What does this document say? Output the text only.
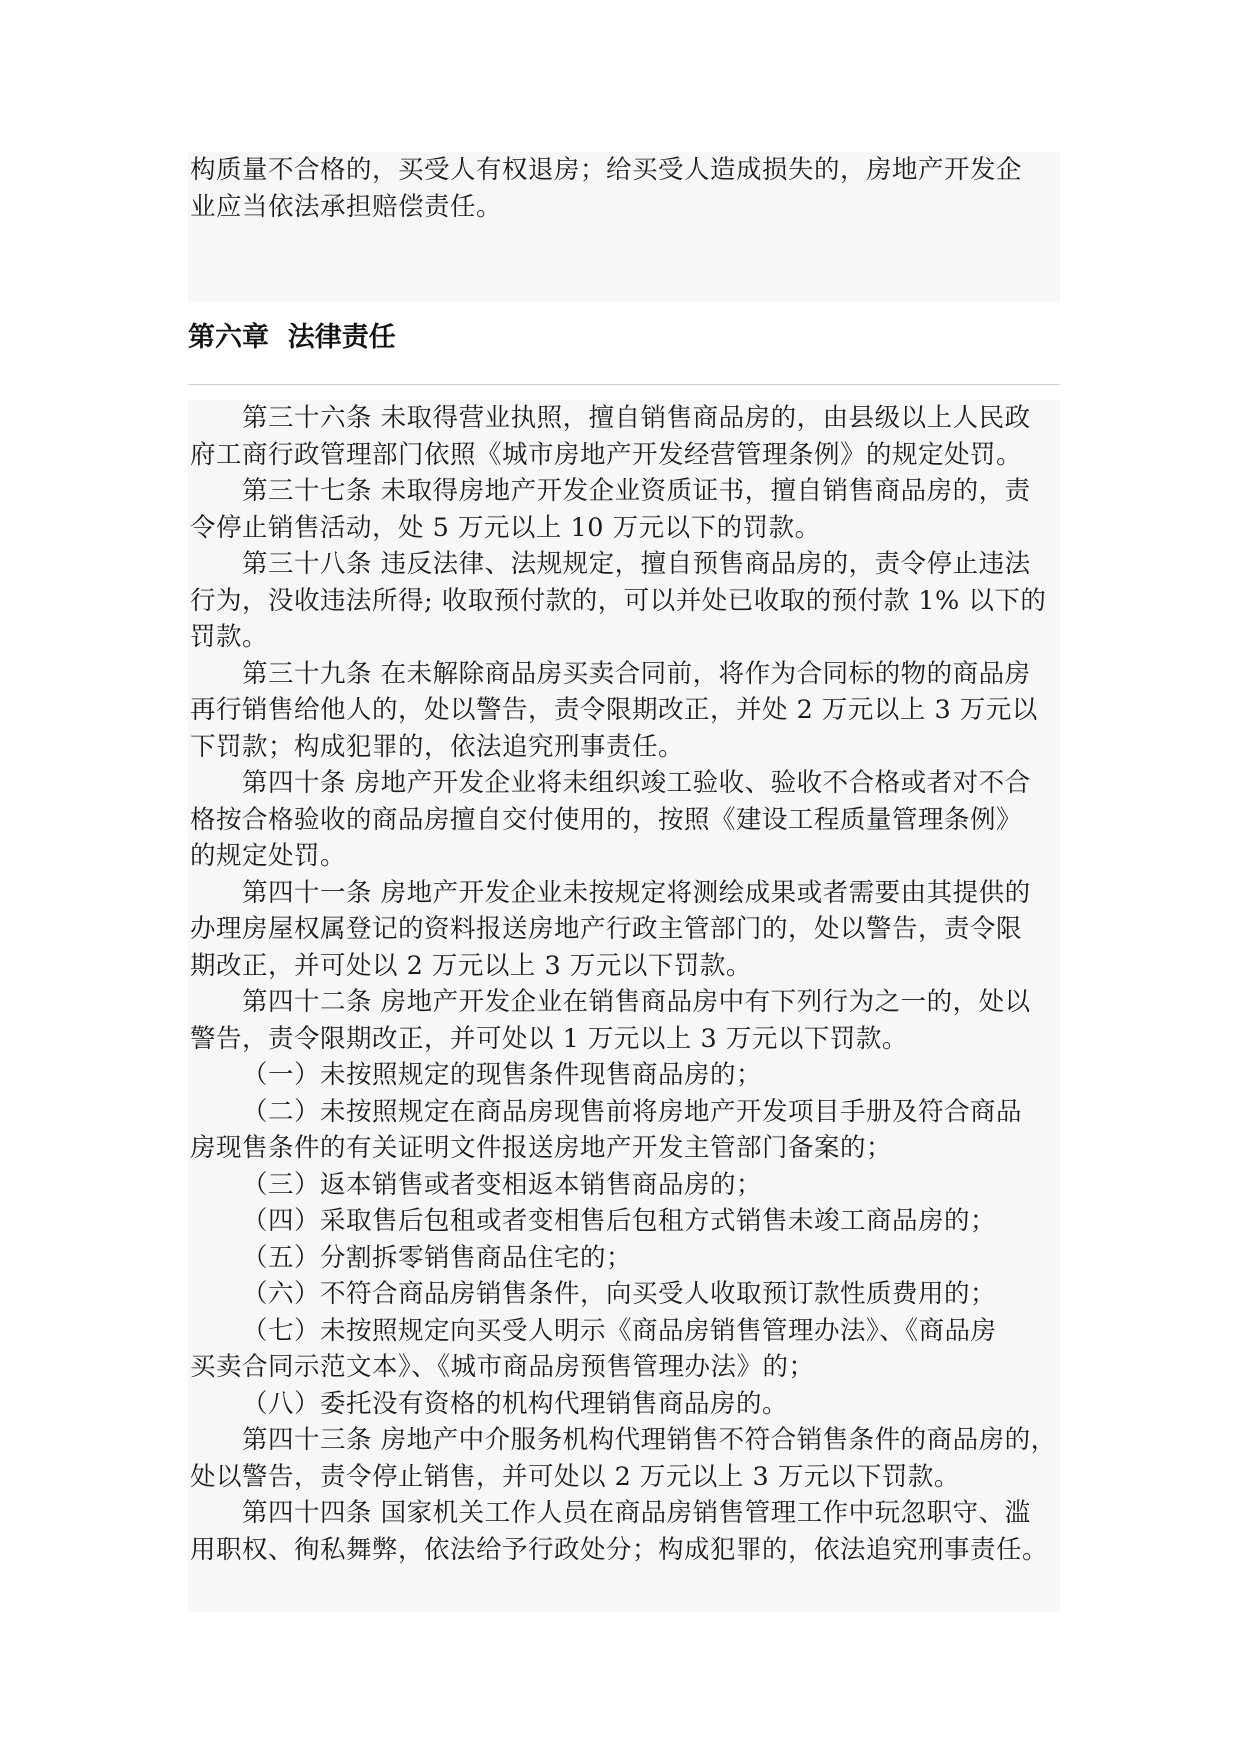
构质量不合格的，买受人有权退房；给买受人造成损失的，房地产开发企
业应当依法承担赔偿责任。
第六章  法律责任
第三十六条 未取得营业执照，擅自销售商品房的，由县级以上人民政
府工商行政管理部门依照《城市房地产开发经营管理条例》的规定处罚。
第三十七条 未取得房地产开发企业资质证书，擅自销售商品房的，责
令停止销售活动，处 5 万元以上 10 万元以下的罚款。
第三十八条 违反法律、法规规定，擅自预售商品房的，责令停止违法
行为，没收违法所得; 收取预付款的，可以并处已收取的预付款 1% 以下的
罚款。
第三十九条 在未解除商品房买卖合同前，将作为合同标的物的商品房
再行销售给他人的，处以警告，责令限期改正，并处 2 万元以上 3 万元以
下罚款；构成犯罪的，依法追究刑事责任。
第四十条 房地产开发企业将未组织竣工验收、验收不合格或者对不合
格按合格验收的商品房擅自交付使用的，按照《建设工程质量管理条例》
的规定处罚。
第四十一条 房地产开发企业未按规定将测绘成果或者需要由其提供的
办理房屋权属登记的资料报送房地产行政主管部门的，处以警告，责令限
期改正，并可处以 2 万元以上 3 万元以下罚款。
第四十二条 房地产开发企业在销售商品房中有下列行为之一的，处以
警告，责令限期改正，并可处以 1 万元以上 3 万元以下罚款。
（一）未按照规定的现售条件现售商品房的；
（二）未按照规定在商品房现售前将房地产开发项目手册及符合商品
房现售条件的有关证明文件报送房地产开发主管部门备案的；
（三）返本销售或者变相返本销售商品房的；
（四）采取售后包租或者变相售后包租方式销售未竣工商品房的；
（五）分割拆零销售商品住宅的；
（六）不符合商品房销售条件，向买受人收取预订款性质费用的；
（七）未按照规定向买受人明示《商品房销售管理办法》、《商品房
买卖合同示范文本》、《城市商品房预售管理办法》的；
（八）委托没有资格的机构代理销售商品房的。
第四十三条 房地产中介服务机构代理销售不符合销售条件的商品房的，
处以警告，责令停止销售，并可处以 2 万元以上 3 万元以下罚款。
第四十四条 国家机关工作人员在商品房销售管理工作中玩忽职守、滥
用职权、徇私舞弊，依法给予行政处分；构成犯罪的，依法追究刑事责任。
